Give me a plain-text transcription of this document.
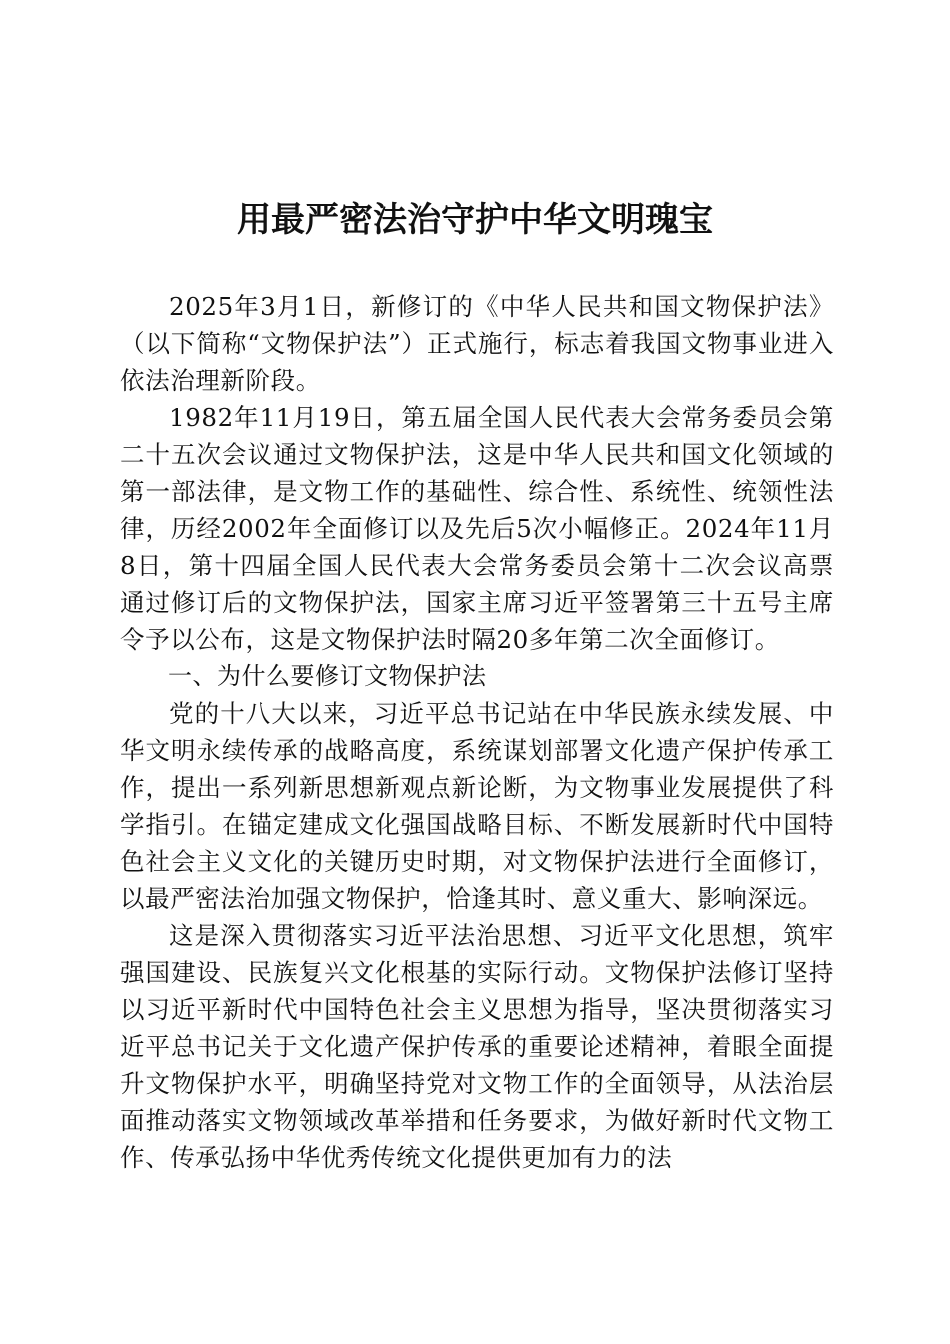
用最严密法治守护中华文明瑰宝

2025年3月1日，新修订的《中华人民共和国文物保护法》（以下简称“文物保护法”）正式施行，标志着我国文物事业进入依法治理新阶段。

1982年11月19日，第五届全国人民代表大会常务委员会第二十五次会议通过文物保护法，这是中华人民共和国文化领域的第一部法律，是文物工作的基础性、综合性、系统性、统领性法律，历经2002年全面修订以及先后5次小幅修正。2024年11月8日，第十四届全国人民代表大会常务委员会第十二次会议高票通过修订后的文物保护法，国家主席习近平签署第三十五号主席令予以公布，这是文物保护法时隔20多年第二次全面修订。

一、为什么要修订文物保护法

党的十八大以来，习近平总书记站在中华民族永续发展、中华文明永续传承的战略高度，系统谋划部署文化遗产保护传承工作，提出一系列新思想新观点新论断，为文物事业发展提供了科学指引。在锚定建成文化强国战略目标、不断发展新时代中国特色社会主义文化的关键历史时期，对文物保护法进行全面修订，以最严密法治加强文物保护，恰逢其时、意义重大、影响深远。

这是深入贯彻落实习近平法治思想、习近平文化思想，筑牢强国建设、民族复兴文化根基的实际行动。文物保护法修订坚持以习近平新时代中国特色社会主义思想为指导，坚决贯彻落实习近平总书记关于文化遗产保护传承的重要论述精神，着眼全面提升文物保护水平，明确坚持党对文物工作的全面领导，从法治层面推动落实文物领域改革举措和任务要求，为做好新时代文物工作、传承弘扬中华优秀传统文化提供更加有力的法
